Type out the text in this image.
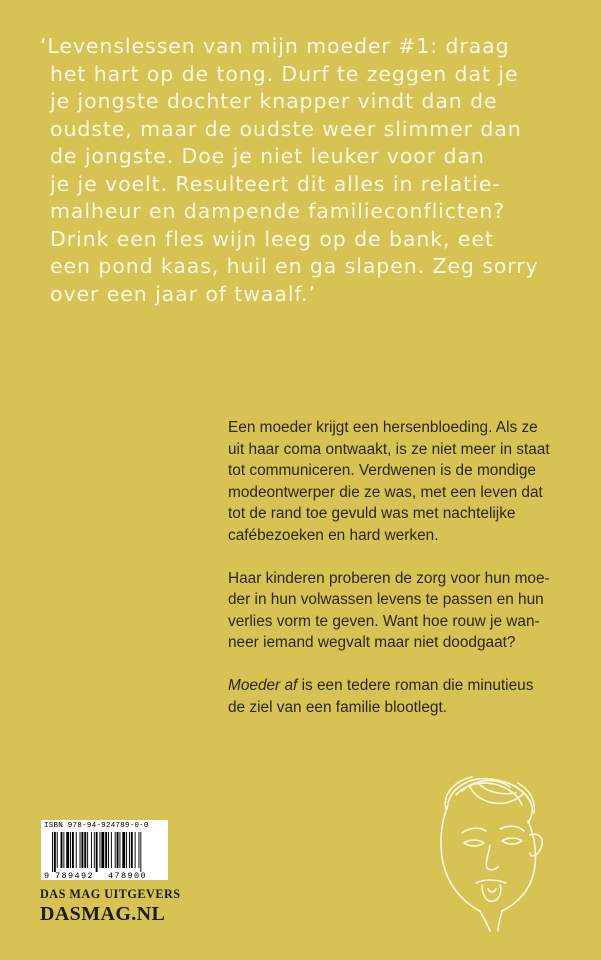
‘Levenslessen van mijn moeder #1: draag
het hart op de tong. Durf te zeggen dat je
je jongste dochter knapper vindt dan de
oudste, maar de oudste weer slimmer dan
de jongste. Doe je niet leuker voor dan
je je voelt. Resulteert dit alles in relatie-
malheur en dampende familieconflicten?
Drink een fles wijn leeg op de bank, eet
een pond kaas, huil en ga slapen. Zeg sorry
over een jaar of twaalf.’

Een moeder krijgt een hersenbloeding. Als ze
uit haar coma ontwaakt, is ze niet meer in staat
tot communiceren. Verdwenen is de mondige
modeontwerper die ze was, met een leven dat
tot de rand toe gevuld was met nachtelijke
cafébezoeken en hard werken.

Haar kinderen proberen de zorg voor hun moe-
der in hun volwassen levens te passen en hun
verlies vorm te geven. Want hoe rouw je wan-
neer iemand wegvalt maar niet doodgaat?

Moeder af is een tedere roman die minutieus
de ziel van een familie blootlegt.

ISBN 978-94-924789-0-0
9 789492 478900
DAS MAG UITGEVERS
DASMAG.NL
